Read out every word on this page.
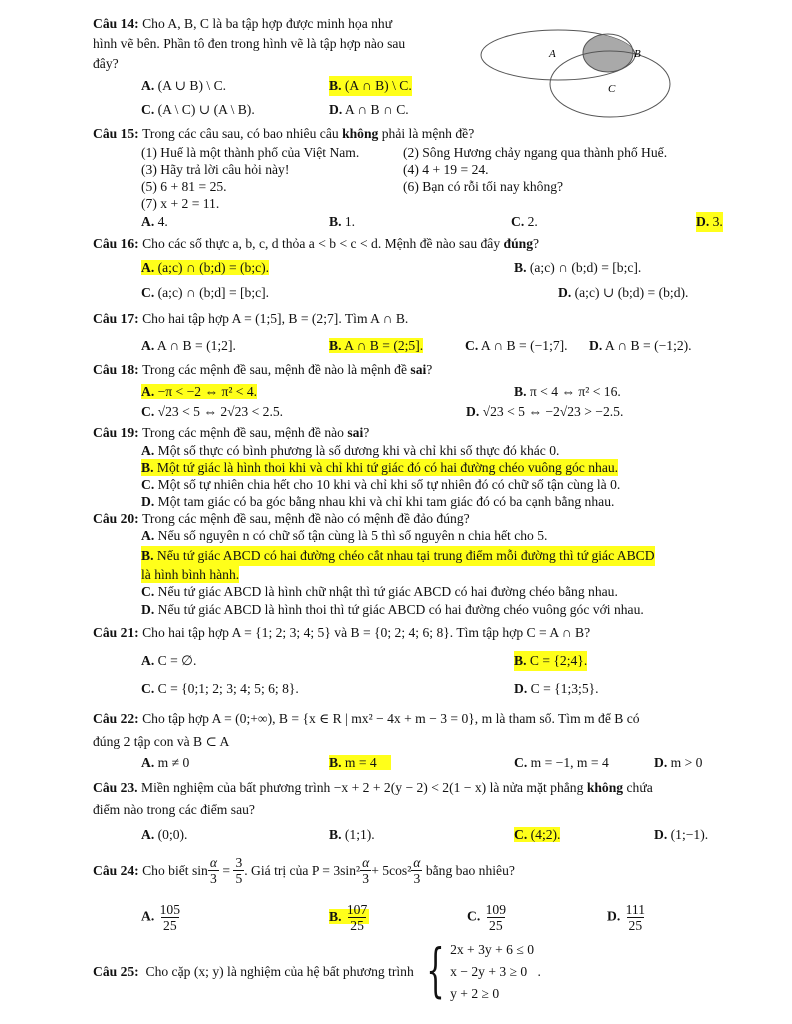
A	B
C
Câu 14:
Cho A, B, C là ba tập hợp được minh họa như
hình vẽ bên. Phần tô đen trong hình vẽ là tập hợp nào sau
đây?
A. (A ∪ B) \ C.	B. (A ∩ B) \ C.
C. (A \ C) ∪ (A \ B).	D. A ∩ B ∩ C.
Câu 15:
Trong các câu sau, có bao nhiêu câu
không
phải là mệnh đề?
(1) Huế là một thành phố của Việt Nam.	(2) Sông Hương chảy ngang qua thành phố Huế.
(3) Hãy trả lời câu hỏi này!	(4) 4 + 19 = 24.
(5) 6 + 81 = 25.	(6) Bạn có rỗi tối nay không?
(7) x + 2 = 11.
A. 4.	B. 1.	C. 2.	D. 3.
Câu 16:
Cho các số thực a, b, c, d thỏa a < b < c < d. Mệnh đề nào sau đây
đúng ?
A. (a;c) ∩ (b;d) = (b;c).	B. (a;c) ∩ (b;d) = [b;c].
C. (a;c) ∩ (b;d] = [b;c].	D. (a;c) ∪ (b;d) = (b;d).
Câu 17:
Cho hai tập hợp A = (1;5], B = (2;7]. Tìm A ∩ B.
A. A ∩ B = (1;2].	B. A ∩ B = (2;5].	C. A ∩ B = (−1;7].	D. A ∩ B = (−1;2).
Câu 18:
Trong các mệnh đề sau, mệnh đề nào là mệnh đề
sai ?
A. −π < −2 ⇔ π² < 4.	B. π < 4 ⇔ π² < 16.
C. √23 < 5 ⇔ 2√23 < 2.5.	D. √23 < 5 ⇔ −2√23 > −2.5.
Câu 19:
Trong các mệnh đề sau, mệnh đề nào
sai ?
A. Một số thực có bình phương là số dương khi và chỉ khi số thực đó khác 0.
B. Một tứ giác là hình thoi khi và chỉ khi tứ giác đó có hai đường chéo vuông góc nhau.
C. Một số tự nhiên chia hết cho 10 khi và chỉ khi số tự nhiên đó có chữ số tận cùng là 0.
D. Một tam giác có ba góc bằng nhau khi và chỉ khi tam giác đó có ba cạnh bằng nhau.
Câu 20:
Trong các mệnh đề sau, mệnh đề nào có mệnh đề đảo đúng?
A. Nếu số nguyên n có chữ số tận cùng là 5 thì số nguyên n chia hết cho 5.
B. Nếu tứ giác ABCD có hai đường chéo cắt nhau tại trung điểm mỗi đường thì tứ giác ABCD
là hình bình hành.
C. Nếu tứ giác ABCD là hình chữ nhật thì tứ giác ABCD có hai đường chéo bằng nhau.
D. Nếu tứ giác ABCD là hình thoi thì tứ giác ABCD có hai đường chéo vuông góc với nhau.
Câu 21:
Cho hai tập hợp A = {1; 2; 3; 4; 5} và B = {0; 2; 4; 6; 8}. Tìm tập hợp C = A ∩ B?
A. C = ∅.	B. C = {2;4}.
C. C = {0;1; 2; 3; 4; 5; 6; 8}.	D. C = {1;3;5}.
Câu 22:
Cho tập hợp A = (0;+∞), B = {x ∈ R | mx² − 4x + m − 3 = 0}, m là tham số. Tìm m để B có
đúng 2 tập con và B ⊂ A
A. m ≠ 0	B. m = 4	C. m = −1, m = 4	D. m > 0
Câu 23.
Miền nghiệm của bất phương trình −x + 2 + 2(y − 2) < 2(1 − x) là nửa mặt phẳng
không
chứa
điểm nào trong các điểm sau?
A. (0;0).	B. (1;1).	C. (4;2).	D. (1;−1).
Câu 24:
Cho biết $\sin \frac{\alpha}{3}$
=
$\frac{3}{5}$ . Giá trị của $P = 3\sin^2 \frac{\alpha}{3} + 5\cos^2 \frac{\alpha}{3}$
bằng bao nhiêu?
A. $\frac{105}{25}$	B. $\frac{107}{25}$	C. $\frac{109}{25}$	D. $\frac{111}{25}$
Câu 25:
Cho cặp (x; y) là nghiệm của hệ bất phương trình
{ 2x + 3y + 6 ≤ 0
x − 2y + 3 ≥ 0
y + 2 ≥ 0

.
